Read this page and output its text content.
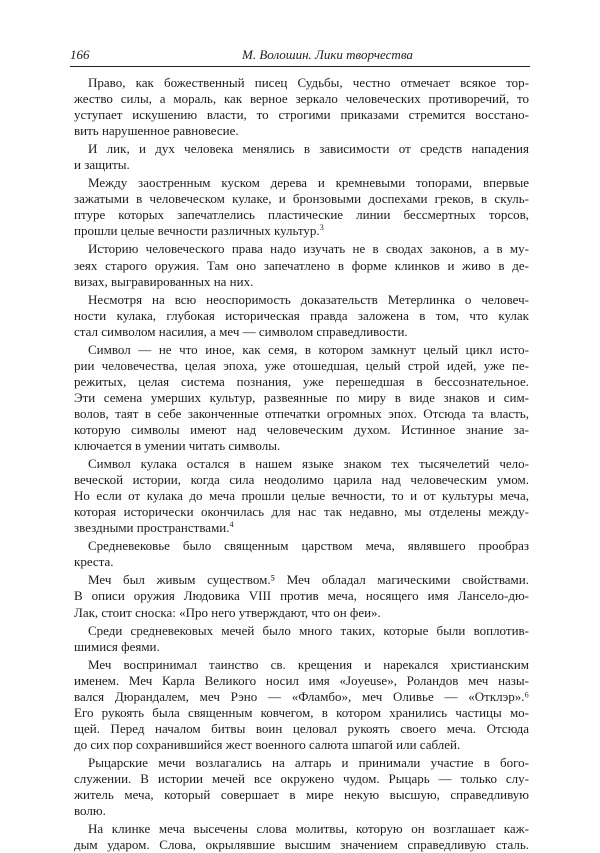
166	М. Волошин. Лики творчества
Право, как божественный писец Судьбы, честно отмечает всякое тор-
жество силы, а мораль, как верное зеркало человеческих противоречий, то
уступает искушению власти, то строгими приказами стремится восстано-
вить нарушенное равновесие.
И лик, и дух человека менялись в зависимости от средств нападения
и защиты.
Между заостренным куском дерева и кремневыми топорами, впервые
зажатыми в человеческом кулаке, и бронзовыми доспехами греков, в скуль-
птуре которых запечатлелись пластические линии бессмертных торсов,
прошли целые вечности различных культур.$^3$
Историю человеческого права надо изучать не в сводах законов, а в му-
зеях старого оружия. Там оно запечатлено в форме клинков и живо в де-
визах, выгравированных на них.
Несмотря на всю неоспоримость доказательств Метерлинка о человеч-
ности кулака, глубокая историческая правда заложена в том, что кулак
стал символом насилия, а меч — символом справедливости.
Символ — не что иное, как семя, в котором замкнут целый цикл исто-
рии человечества, целая эпоха, уже отошедшая, целый строй идей, уже пе-
режитых, целая система познания, уже перешедшая в бессознательное.
Эти семена умерших культур, развеянные по миру в виде знаков и сим-
волов, таят в себе законченные отпечатки огромных эпох. Отсюда та власть,
которую символы имеют над человеческим духом. Истинное знание за-
ключается в умении читать символы.
Символ кулака остался в нашем языке знаком тех тысячелетий чело-
веческой истории, когда сила неодолимо царила над человеческим умом.
Но если от кулака до меча прошли целые вечности, то и от культуры меча,
которая исторически окончилась для нас так недавно, мы отделены между-
звездными пространствами.$^4$
Средневековье было священным царством меча, являвшего прообраз
креста.
Меч был живым существом.⁵ Меч обладал магическими свойствами.
В описи оружия Людовика VIII против меча, носящего имя Лансело-дю-
Лак, стоит сноска: «Про него утверждают, что он феи».
Среди средневековых мечей было много таких, которые были воплотив-
шимися феями.
Меч воспринимал таинство св. крещения и нарекался христианским
именем. Меч Карла Великого носил имя «Joyeuse», Роландов меч назы-
вался Дюрандалем, меч Рэно — «Фламбо», меч Оливье — «Отклэр».⁶
Его рукоять была священным ковчегом, в котором хранились частицы мо-
щей. Перед началом битвы воин целовал рукоять своего меча. Отсюда
до сих пор сохранившийся жест военного салюта шпагой или саблей.
Рыцарские мечи возлагались на алтарь и принимали участие в бого-
служении. В истории мечей все окружено чудом. Рыцарь — только слу-
житель меча, который совершает в мире некую высшую, справедливую
волю.
На клинке меча высечены слова молитвы, которую он возглашает каж-
дым ударом. Слова, окрылявшие высшим значением справедливую сталь.
